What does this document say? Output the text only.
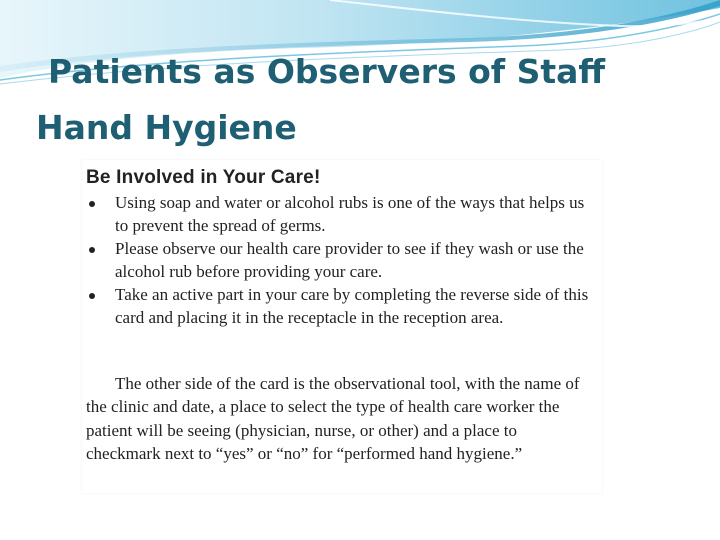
Patients as Observers of Staff
Hand Hygiene
Be Involved in Your Care!
Using soap and water or alcohol rubs is one of the ways that helps us to prevent the spread of germs.
Please observe our health care provider to see if they wash or use the alcohol rub before providing your care.
Take an active part in your care by completing the reverse side of this card and placing it in the receptacle in the reception area.

The other side of the card is the observational tool, with the name of the clinic and date, a place to select the type of health care worker the patient will be seeing (physician, nurse, or other) and a place to checkmark next to “yes” or “no” for “performed hand hygiene.”
